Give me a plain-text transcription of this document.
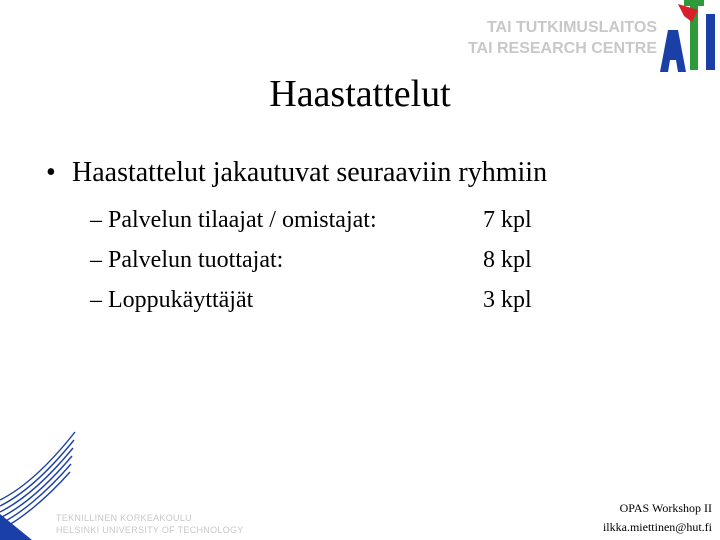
TAI TUTKIMUSLAITOS
TAI RESEARCH CENTRE
Haastattelut
• Haastattelut jakautuvat seuraaviin ryhmiin
– Palvelun tilaajat / omistajat:	7 kpl
– Palvelun tuottajat:	8 kpl
– Loppukäyttäjät	3 kpl
TEKNILLINEN KORKEAKOULU
HELSINKI UNIVERSITY OF TECHNOLOGY
OPAS Workshop II
ilkka.miettinen@hut.fi
